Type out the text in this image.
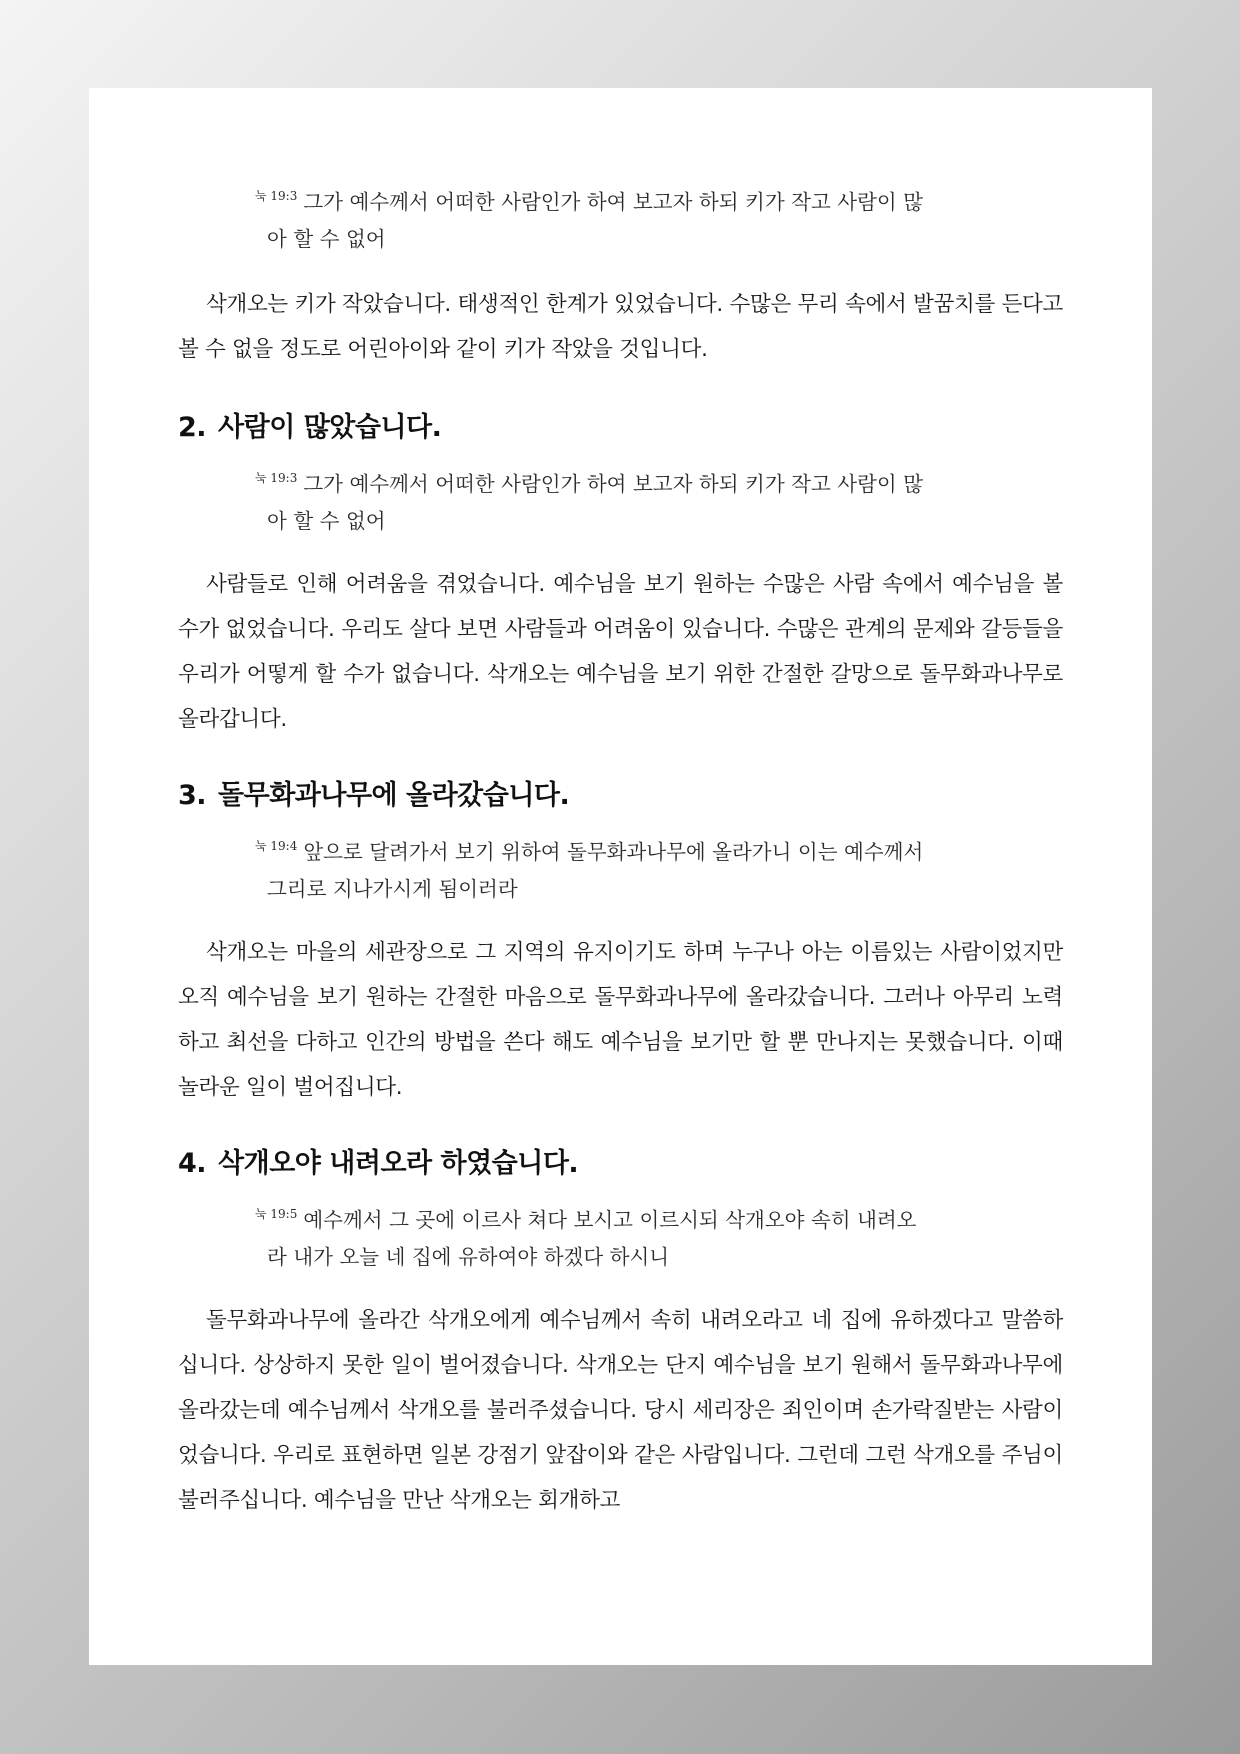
$^{눅 19:3}$ 그가 예수께서 어떠한 사람인가 하여 보고자 하되 키가 작고 사람이 많
아 할 수 없어

삭개오는 키가 작았습니다. 태생적인 한계가 있었습니다. 수많은 무리 속에서 발꿈치를 든다고 볼 수 없을 정도로 어린아이와 같이 키가 작았을 것입니다.

2. 사람이 많았습니다.
$^{눅 19:3}$ 그가 예수께서 어떠한 사람인가 하여 보고자 하되 키가 작고 사람이 많
아 할 수 없어

사람들로 인해 어려움을 겪었습니다. 예수님을 보기 원하는 수많은 사람 속에서 예수님을 볼 수가 없었습니다. 우리도 살다 보면 사람들과 어려움이 있습니다. 수많은 관계의 문제와 갈등들을 우리가 어떻게 할 수가 없습니다. 삭개오는 예수님을 보기 위한 간절한 갈망으로 돌무화과나무로 올라갑니다.

3. 돌무화과나무에 올라갔습니다.
$^{눅 19:4}$ 앞으로 달려가서 보기 위하여 돌무화과나무에 올라가니 이는 예수께서
그리로 지나가시게 됨이러라

삭개오는 마을의 세관장으로 그 지역의 유지이기도 하며 누구나 아는 이름있는 사람이었지만 오직 예수님을 보기 원하는 간절한 마음으로 돌무화과나무에 올라갔습니다. 그러나 아무리 노력하고 최선을 다하고 인간의 방법을 쓴다 해도 예수님을 보기만 할 뿐 만나지는 못했습니다. 이때 놀라운 일이 벌어집니다.

4. 삭개오야 내려오라 하였습니다.
$^{눅 19:5}$ 예수께서 그 곳에 이르사 쳐다 보시고 이르시되 삭개오야 속히 내려오
라 내가 오늘 네 집에 유하여야 하겠다 하시니

돌무화과나무에 올라간 삭개오에게 예수님께서 속히 내려오라고 네 집에 유하겠다고 말씀하십니다. 상상하지 못한 일이 벌어졌습니다. 삭개오는 단지 예수님을 보기 원해서 돌무화과나무에 올라갔는데 예수님께서 삭개오를 불러주셨습니다. 당시 세리장은 죄인이며 손가락질받는 사람이었습니다. 우리로 표현하면 일본 강점기 앞잡이와 같은 사람입니다. 그런데 그런 삭개오를 주님이 불러주십니다. 예수님을 만난 삭개오는 회개하고
